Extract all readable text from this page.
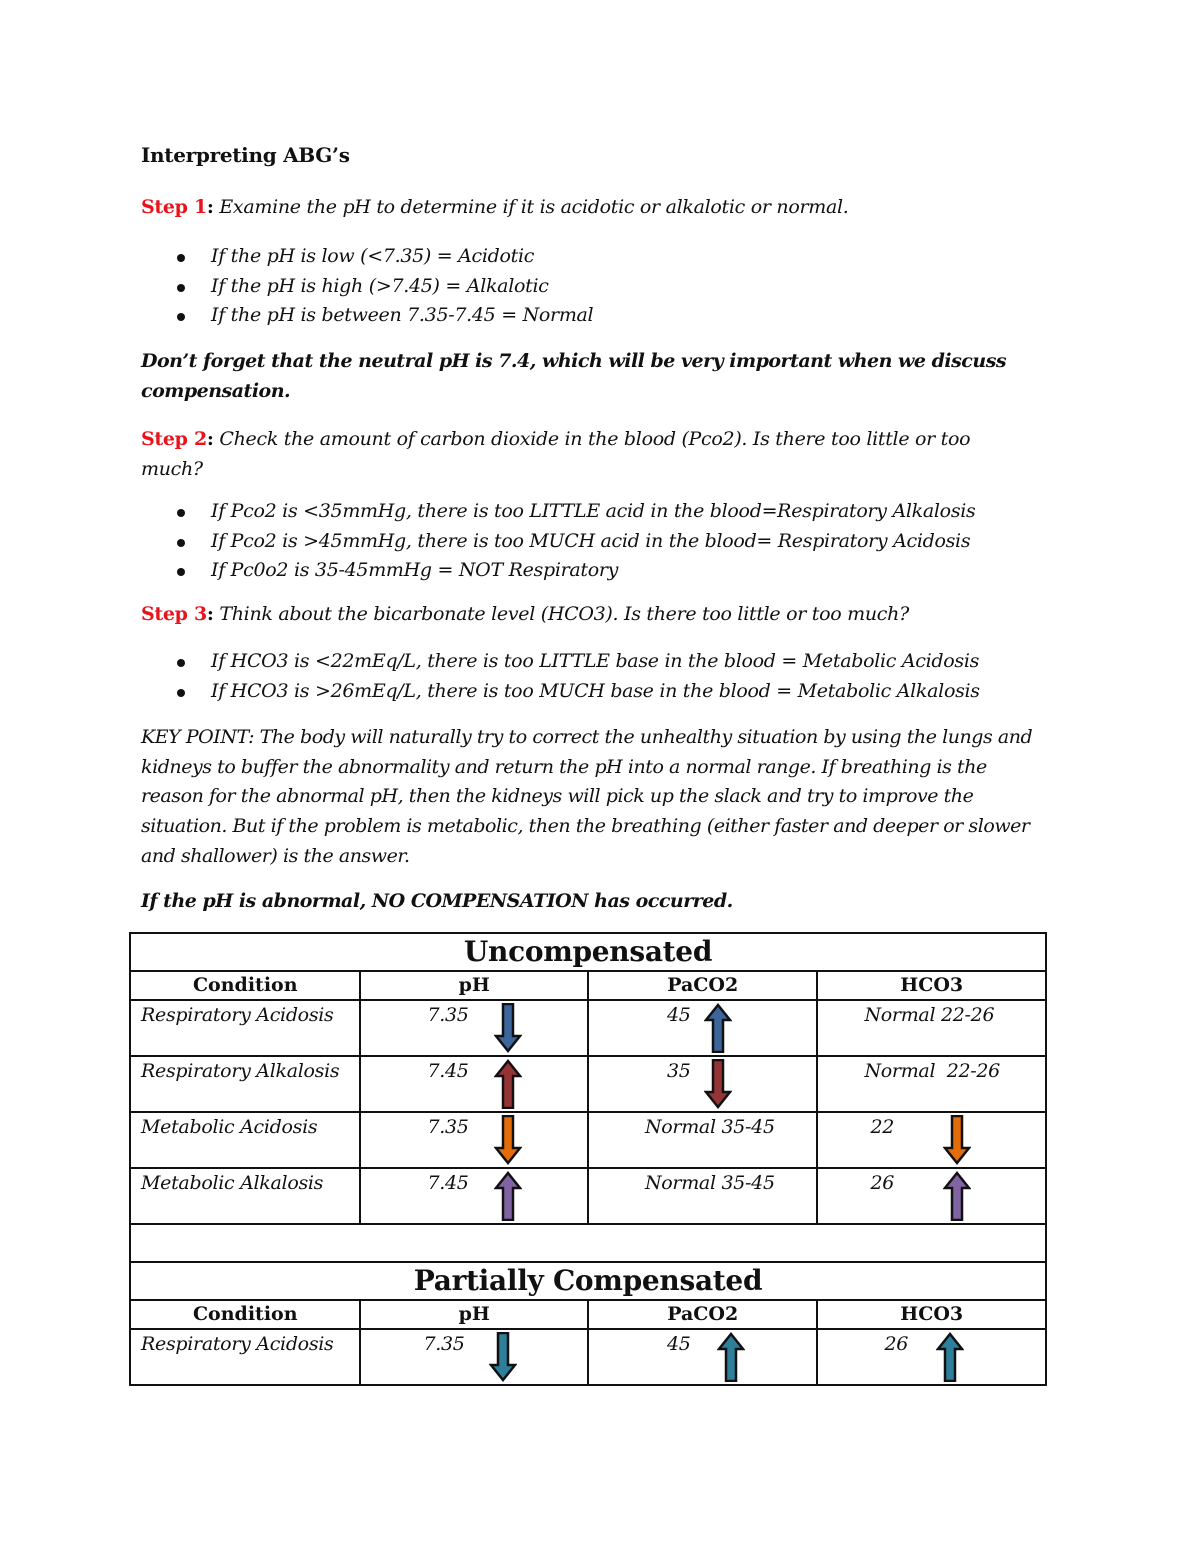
Interpreting ABG’s
Step 1: Examine the pH to determine if it is acidotic or alkalotic or normal.
If the pH is low (<7.35) = Acidotic
If the pH is high (>7.45) = Alkalotic
If the pH is between 7.35-7.45 = Normal
Don’t forget that the neutral pH is 7.4, which will be very important when we discuss compensation.
Step 2: Check the amount of carbon dioxide in the blood (Pco2). Is there too little or too much?
If Pco2 is <35mmHg, there is too LITTLE acid in the blood=Respiratory Alkalosis
If Pco2 is >45mmHg, there is too MUCH acid in the blood= Respiratory Acidosis
If Pc0o2 is 35-45mmHg = NOT Respiratory
Step 3: Think about the bicarbonate level (HCO3). Is there too little or too much?
If HCO3 is <22mEq/L, there is too LITTLE base in the blood = Metabolic Acidosis
If HCO3 is >26mEq/L, there is too MUCH base in the blood = Metabolic Alkalosis
KEY POINT: The body will naturally try to correct the unhealthy situation by using the lungs and kidneys to buffer the abnormality and return the pH into a normal range. If breathing is the reason for the abnormal pH, then the kidneys will pick up the slack and try to improve the situation. But if the problem is metabolic, then the breathing (either faster and deeper or slower and shallower) is the answer.
If the pH is abnormal, NO COMPENSATION has occurred.
Uncompensated			
Condition	pH	PaCO2	HCO3

Respiratory Acidosis	7.35	45	Normal 22-26

Respiratory Alkalosis	7.45	35	Normal  22-26

Metabolic Acidosis	7.35	Normal 35-45	22

Metabolic Alkalosis	7.45	Normal 35-45	26

Partially Compensated			
Condition	pH	PaCO2	HCO3

Respiratory Acidosis	7.35	45	26
